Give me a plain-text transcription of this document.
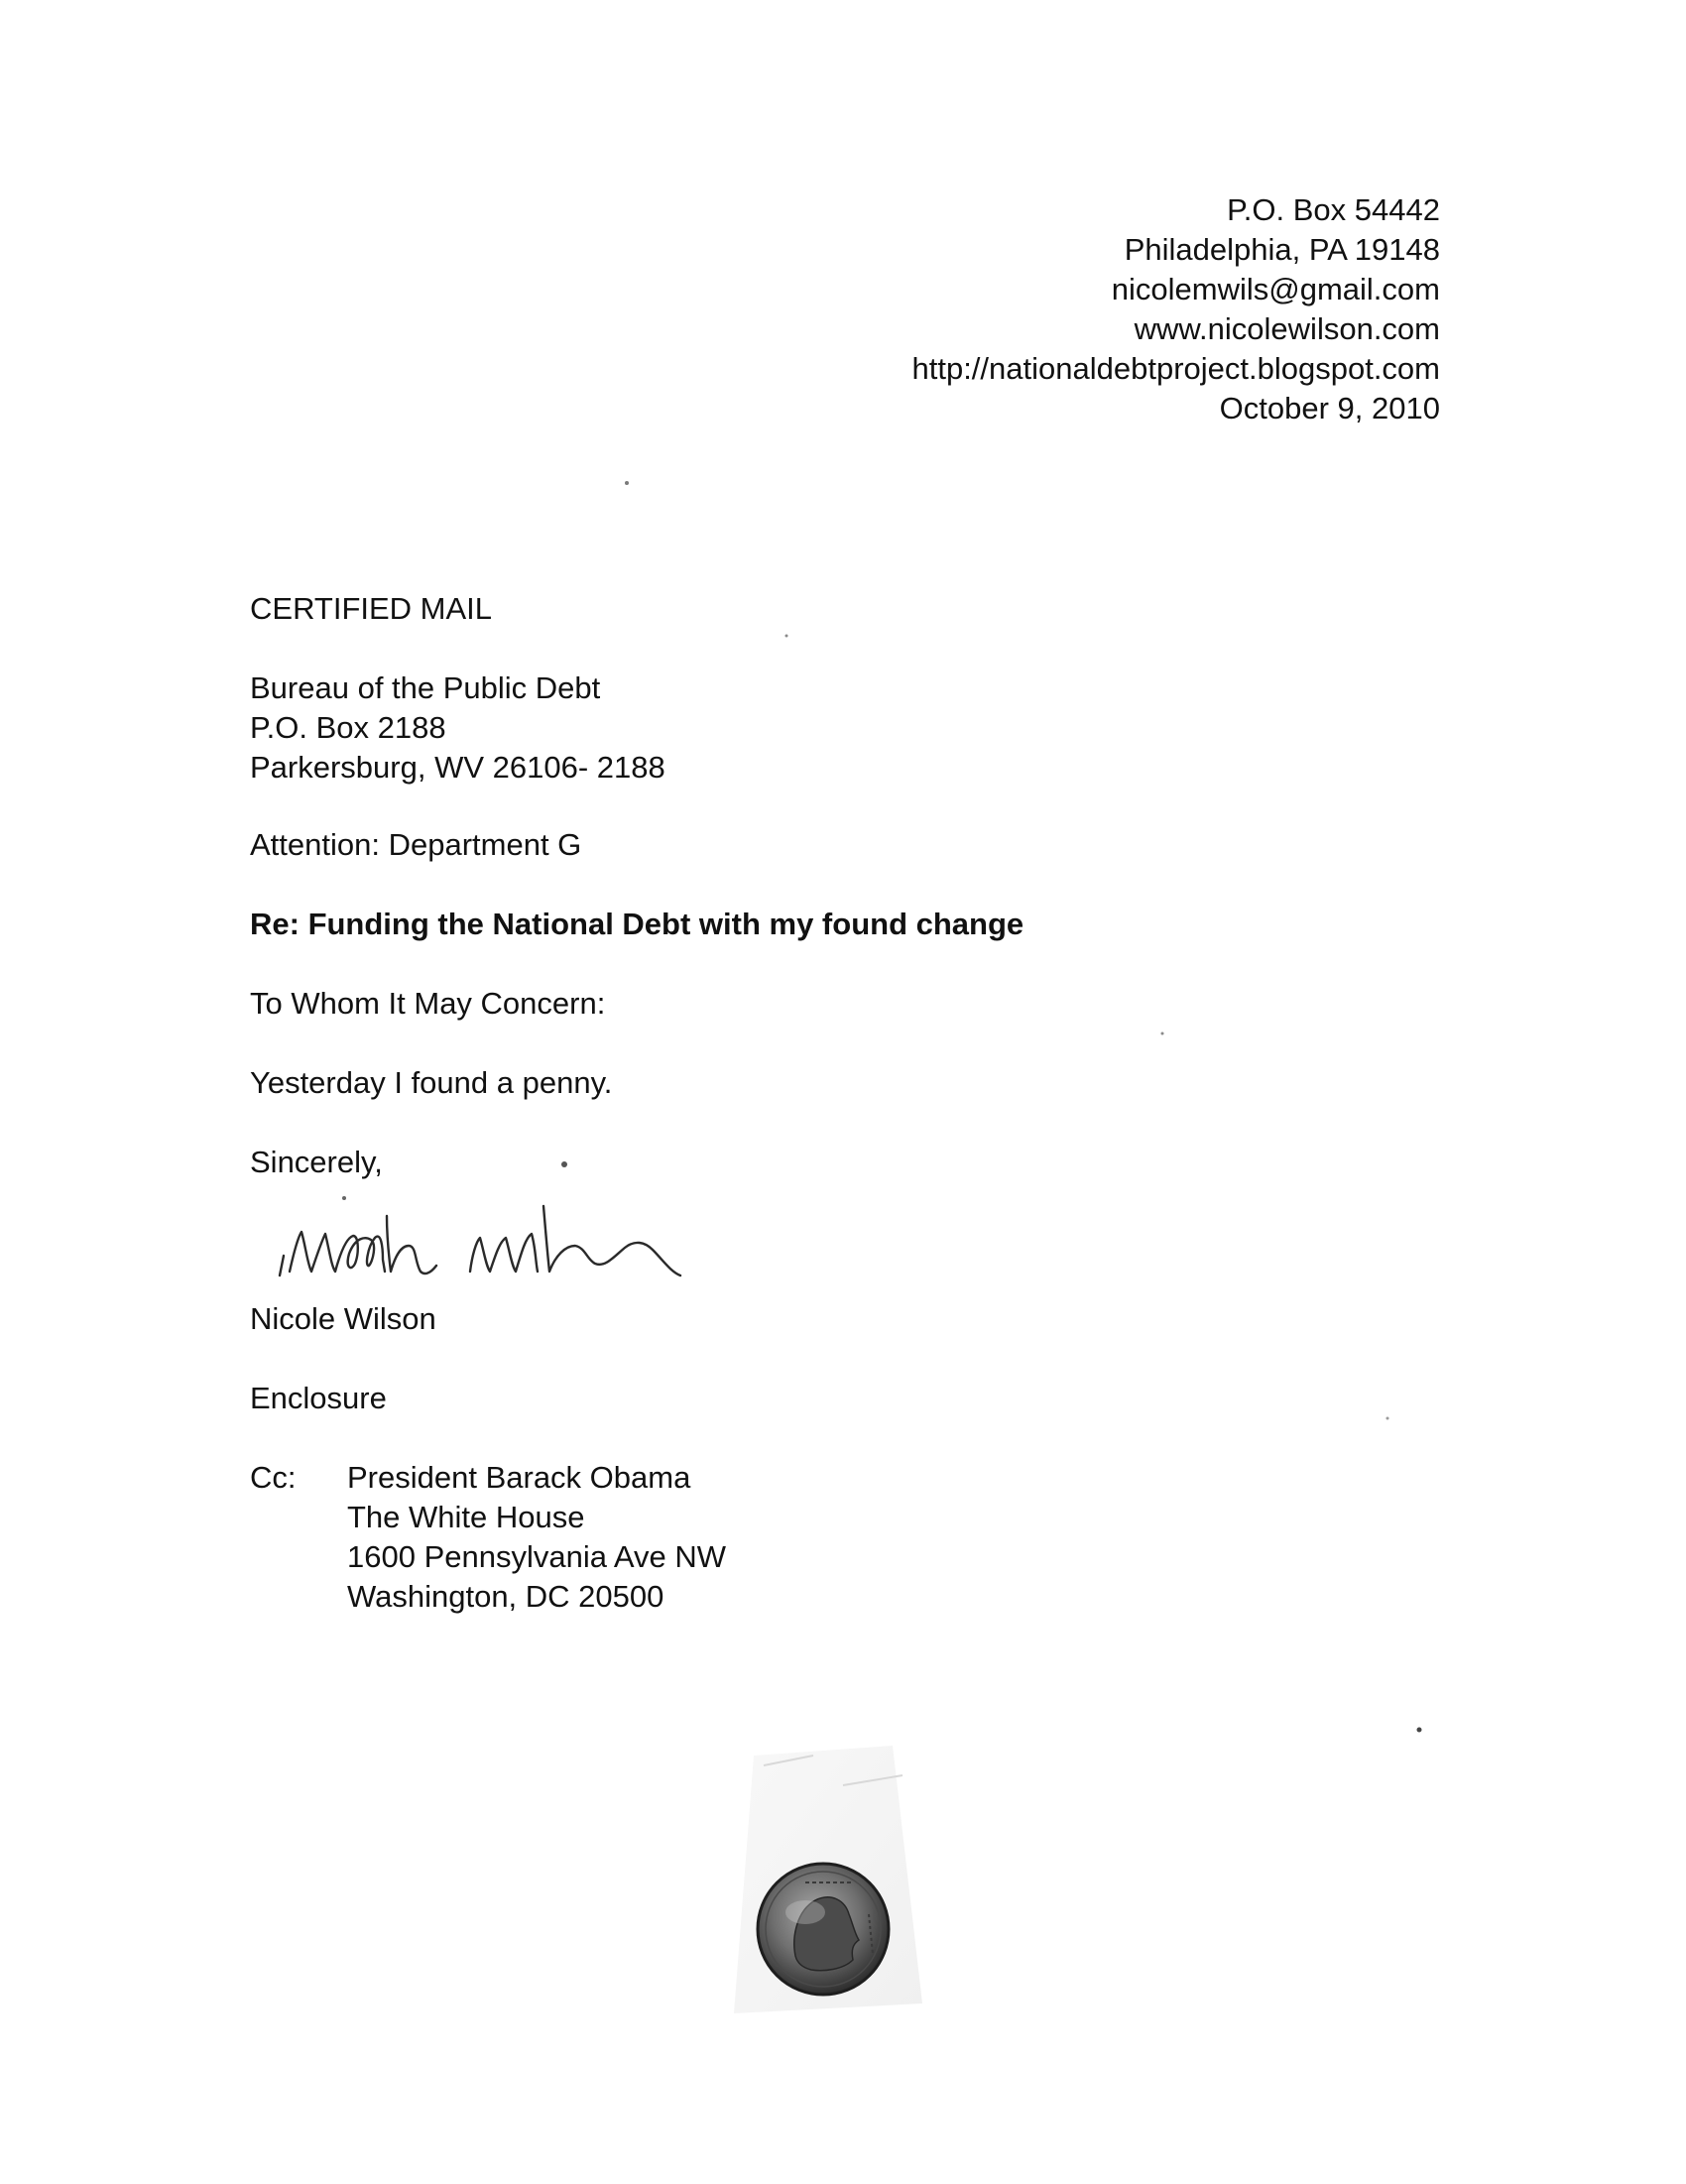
P.O. Box 54442
Philadelphia, PA 19148
nicolemwils@gmail.com
www.nicolewilson.com
http://nationaldebtproject.blogspot.com
October 9, 2010
CERTIFIED MAIL
Bureau of the Public Debt
P.O. Box 2188
Parkersburg, WV 26106- 2188
Attention: Department G
Re: Funding the National Debt with my found change
To Whom It May Concern:
Yesterday I found a penny.
Sincerely,
Nicole Wilson
Enclosure
Cc: President Barack Obama
The White House
1600 Pennsylvania Ave NW
Washington, DC 20500
